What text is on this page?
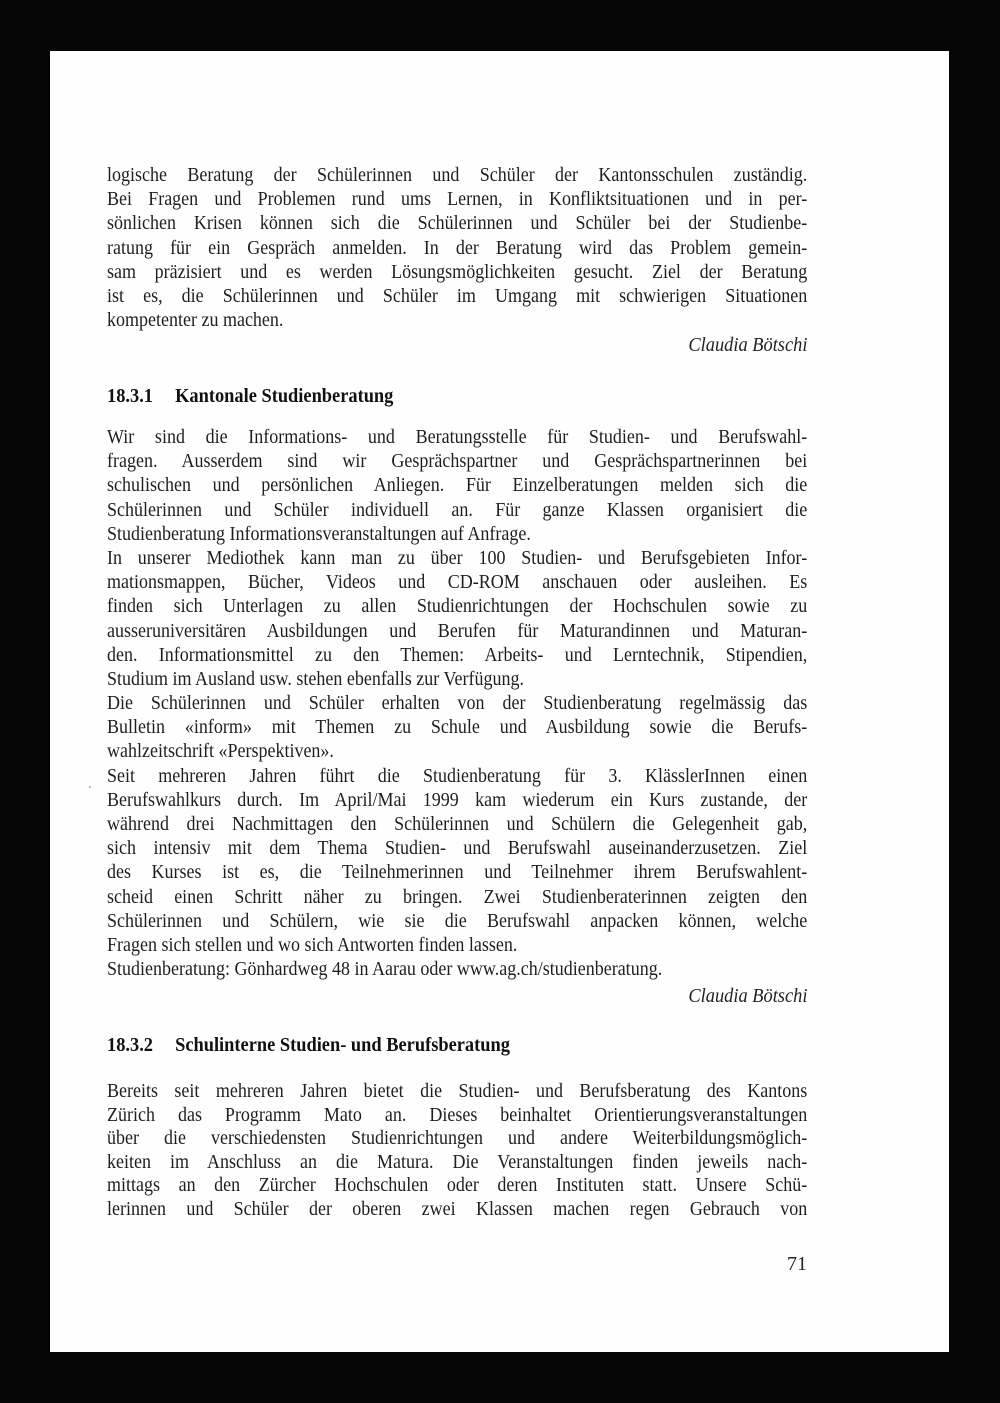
logische Beratung der Schülerinnen und Schüler der Kantonsschulen zuständig.
Bei Fragen und Problemen rund ums Lernen, in Konfliktsituationen und in per-
sönlichen Krisen können sich die Schülerinnen und Schüler bei der Studienbe-
ratung für ein Gespräch anmelden. In der Beratung wird das Problem gemein-
sam präzisiert und es werden Lösungsmöglichkeiten gesucht. Ziel der Beratung
ist es, die Schülerinnen und Schüler im Umgang mit schwierigen Situationen
kompetenter zu machen.
Claudia Bötschi
18.3.1 Kantonale Studienberatung
Wir sind die Informations- und Beratungsstelle für Studien- und Berufswahl-
fragen. Ausserdem sind wir Gesprächspartner und Gesprächspartnerinnen bei
schulischen und persönlichen Anliegen. Für Einzelberatungen melden sich die
Schülerinnen und Schüler individuell an. Für ganze Klassen organisiert die
Studienberatung Informationsveranstaltungen auf Anfrage.
In unserer Mediothek kann man zu über 100 Studien- und Berufsgebieten Infor-
mationsmappen, Bücher, Videos und CD-ROM anschauen oder ausleihen. Es
finden sich Unterlagen zu allen Studienrichtungen der Hochschulen sowie zu
ausseruniversitären Ausbildungen und Berufen für Maturandinnen und Maturan-
den. Informationsmittel zu den Themen: Arbeits- und Lerntechnik, Stipendien,
Studium im Ausland usw. stehen ebenfalls zur Verfügung.
Die Schülerinnen und Schüler erhalten von der Studienberatung regelmässig das
Bulletin «inform» mit Themen zu Schule und Ausbildung sowie die Berufs-
wahlzeitschrift «Perspektiven».
Seit mehreren Jahren führt die Studienberatung für 3. KlässlerInnen einen
Berufswahlkurs durch. Im April/Mai 1999 kam wiederum ein Kurs zustande, der
während drei Nachmittagen den Schülerinnen und Schülern die Gelegenheit gab,
sich intensiv mit dem Thema Studien- und Berufswahl auseinanderzusetzen. Ziel
des Kurses ist es, die Teilnehmerinnen und Teilnehmer ihrem Berufswahlent-
scheid einen Schritt näher zu bringen. Zwei Studienberaterinnen zeigten den
Schülerinnen und Schülern, wie sie die Berufswahl anpacken können, welche
Fragen sich stellen und wo sich Antworten finden lassen.
Studienberatung: Gönhardweg 48 in Aarau oder www.ag.ch/studienberatung.
Claudia Bötschi
18.3.2 Schulinterne Studien- und Berufsberatung
Bereits seit mehreren Jahren bietet die Studien- und Berufsberatung des Kantons
Zürich das Programm Mato an. Dieses beinhaltet Orientierungsveranstaltungen
über die verschiedensten Studienrichtungen und andere Weiterbildungsmöglich-
keiten im Anschluss an die Matura. Die Veranstaltungen finden jeweils nach-
mittags an den Zürcher Hochschulen oder deren Instituten statt. Unsere Schü-
lerinnen und Schüler der oberen zwei Klassen machen regen Gebrauch von
71
